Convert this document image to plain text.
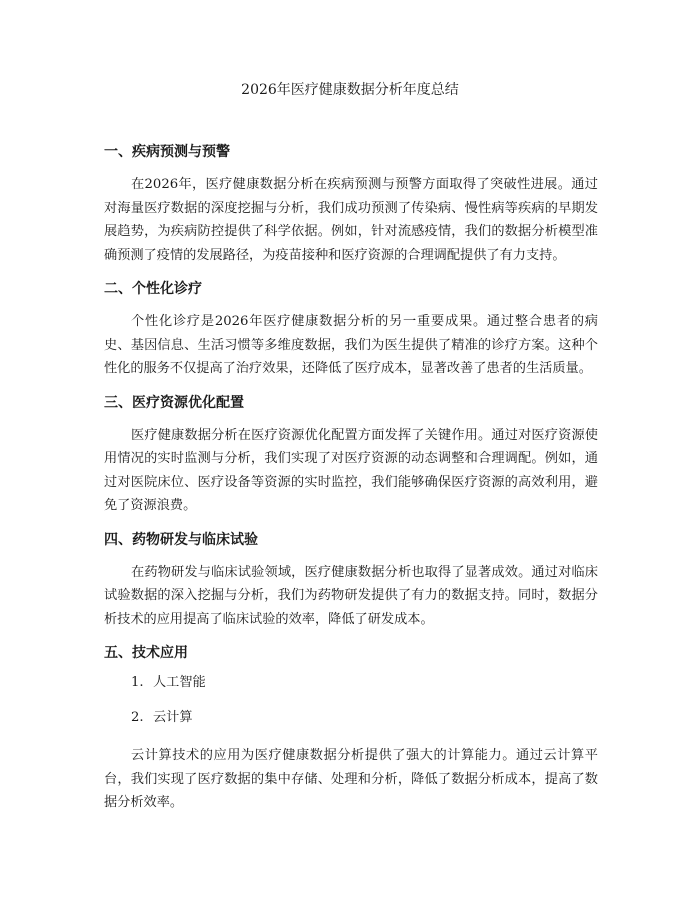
2026年医疗健康数据分析年度总结
一、疾病预测与预警

在2026年，医疗健康数据分析在疾病预测与预警方面取得了突破性进展。通过对海量医疗数据的深度挖掘与分析，我们成功预测了传染病、慢性病等疾病的早期发展趋势，为疾病防控提供了科学依据。例如，针对流感疫情，我们的数据分析模型准确预测了疫情的发展路径，为疫苗接种和医疗资源的合理调配提供了有力支持。

二、个性化诊疗

个性化诊疗是2026年医疗健康数据分析的另一重要成果。通过整合患者的病史、基因信息、生活习惯等多维度数据，我们为医生提供了精准的诊疗方案。这种个性化的服务不仅提高了治疗效果，还降低了医疗成本，显著改善了患者的生活质量。

三、医疗资源优化配置

医疗健康数据分析在医疗资源优化配置方面发挥了关键作用。通过对医疗资源使用情况的实时监测与分析，我们实现了对医疗资源的动态调整和合理调配。例如，通过对医院床位、医疗设备等资源的实时监控，我们能够确保医疗资源的高效利用，避免了资源浪费。

四、药物研发与临床试验

在药物研发与临床试验领域，医疗健康数据分析也取得了显著成效。通过对临床试验数据的深入挖掘与分析，我们为药物研发提供了有力的数据支持。同时，数据分析技术的应用提高了临床试验的效率，降低了研发成本。

五、技术应用
1. 人工智能
2. 云计算

云计算技术的应用为医疗健康数据分析提供了强大的计算能力。通过云计算平台，我们实现了医疗数据的集中存储、处理和分析，降低了数据分析成本，提高了数据分析效率。
